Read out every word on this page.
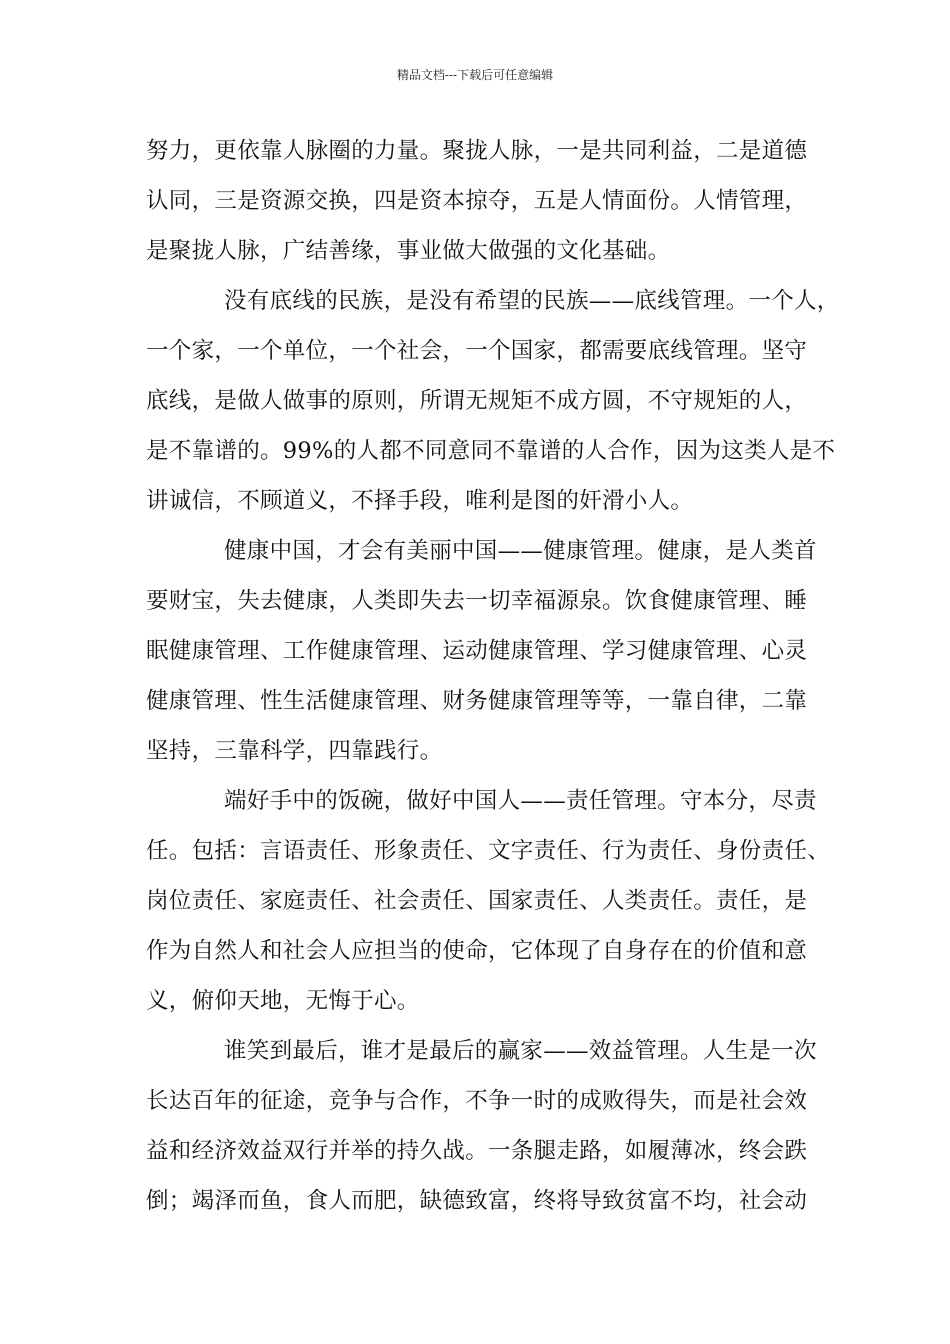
精品文档---下载后可任意编辑
努力，更依靠人脉圈的力量。聚拢人脉，一是共同利益，二是道德
认同，三是资源交换，四是资本掠夺，五是人情面份。人情管理，
是聚拢人脉，广结善缘，事业做大做强的文化基础。
没有底线的民族，是没有希望的民族——底线管理。一个人，
一个家，一个单位，一个社会，一个国家，都需要底线管理。坚守
底线，是做人做事的原则，所谓无规矩不成方圆，不守规矩的人，
是不靠谱的。99%的人都不同意同不靠谱的人合作，因为这类人是不
讲诚信，不顾道义，不择手段，唯利是图的奸滑小人。
健康中国，才会有美丽中国——健康管理。健康，是人类首
要财宝，失去健康，人类即失去一切幸福源泉。饮食健康管理、睡
眠健康管理、工作健康管理、运动健康管理、学习健康管理、心灵
健康管理、性生活健康管理、财务健康管理等等，一靠自律，二靠
坚持，三靠科学，四靠践行。
端好手中的饭碗，做好中国人——责任管理。守本分，尽责
任。包括：言语责任、形象责任、文字责任、行为责任、身份责任、
岗位责任、家庭责任、社会责任、国家责任、人类责任。责任，是
作为自然人和社会人应担当的使命，它体现了自身存在的价值和意
义，俯仰天地，无悔于心。
谁笑到最后，谁才是最后的赢家——效益管理。人生是一次
长达百年的征途，竞争与合作，不争一时的成败得失，而是社会效
益和经济效益双行并举的持久战。一条腿走路，如履薄冰，终会跌
倒；竭泽而鱼，食人而肥，缺德致富，终将导致贫富不均，社会动
